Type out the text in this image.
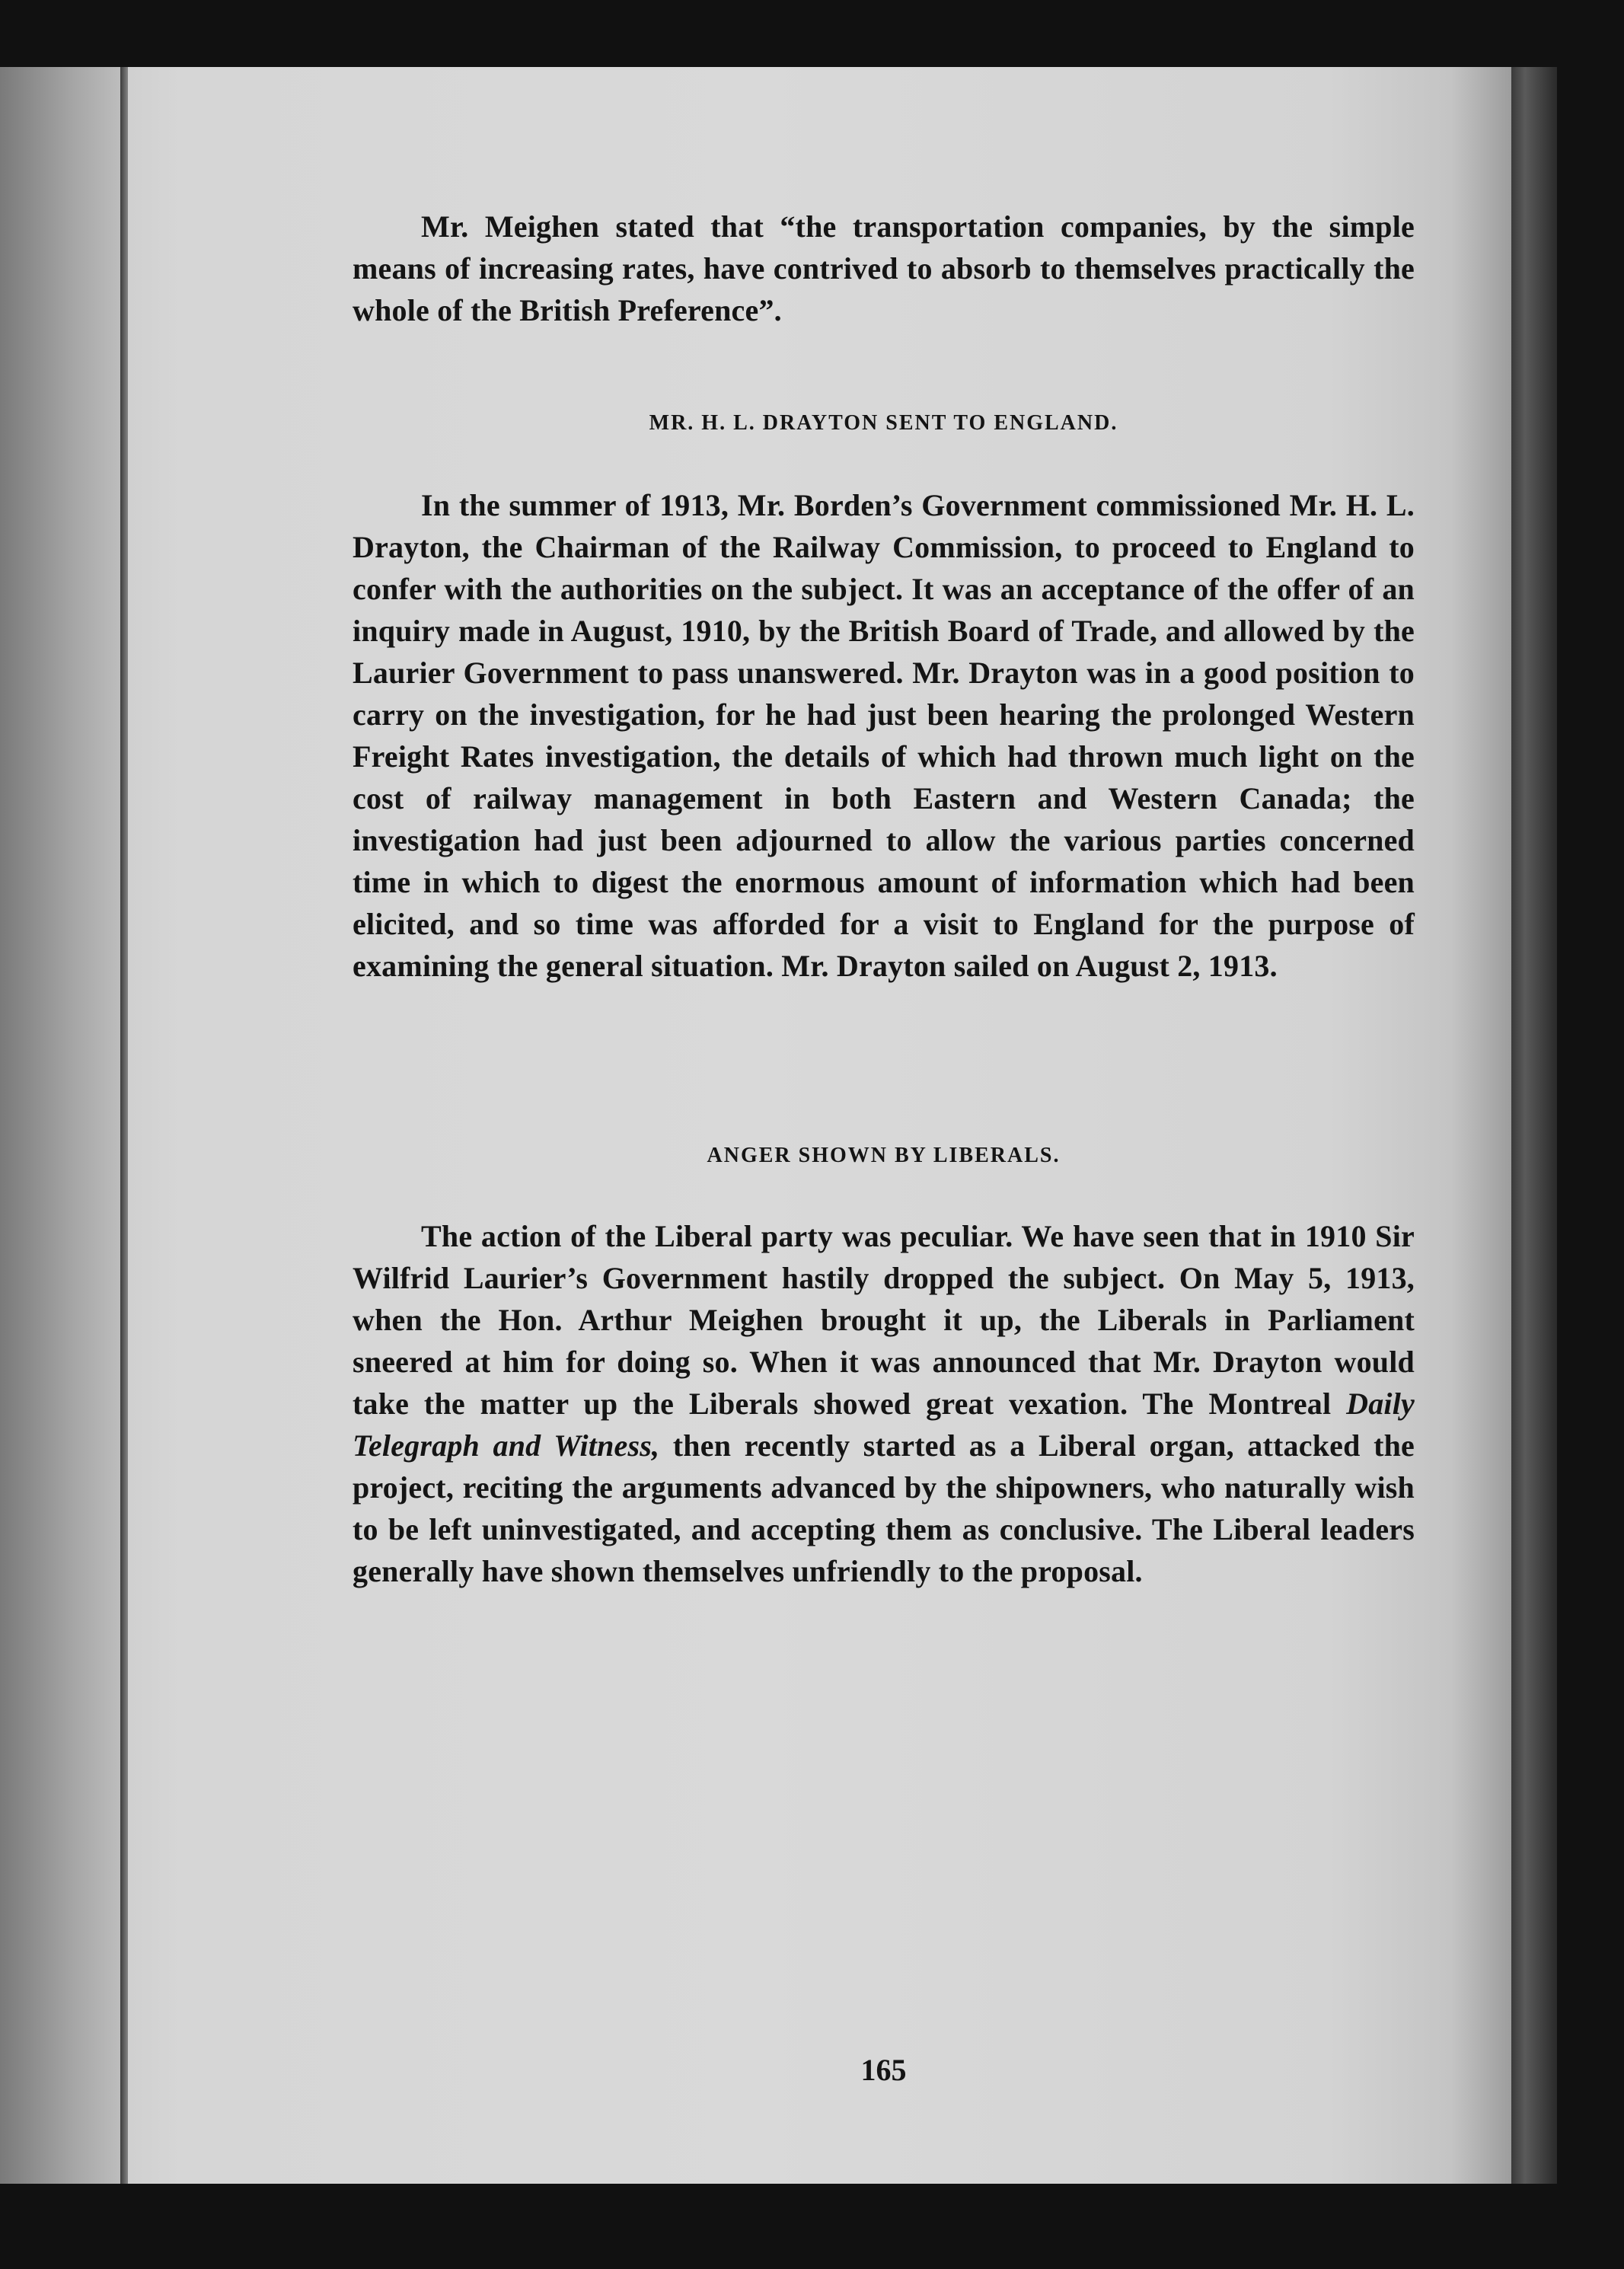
Mr. Meighen stated that “the transportation companies, by the simple means of increasing rates, have contrived to absorb to themselves practically the whole of the British Preference”.

MR. H. L. DRAYTON SENT TO ENGLAND.

In the summer of 1913, Mr. Borden’s Government commissioned Mr. H. L. Drayton, the Chairman of the Railway Commission, to proceed to England to confer with the authorities on the subject. It was an acceptance of the offer of an inquiry made in August, 1910, by the British Board of Trade, and allowed by the Laurier Government to pass unanswered. Mr. Drayton was in a good position to carry on the investigation, for he had just been hearing the prolonged Western Freight Rates investigation, the details of which had thrown much light on the cost of railway management in both Eastern and Western Canada; the investigation had just been adjourned to allow the various parties concerned time in which to digest the enormous amount of information which had been elicited, and so time was afforded for a visit to England for the purpose of examining the general situation. Mr. Drayton sailed on August 2, 1913.

ANGER SHOWN BY LIBERALS.

The action of the Liberal party was peculiar. We have seen that in 1910 Sir Wilfrid Laurier’s Government hastily dropped the subject. On May 5, 1913, when the Hon. Arthur Meighen brought it up, the Liberals in Parliament sneered at him for doing so. When it was announced that Mr. Drayton would take the matter up the Liberals showed great vexation. The Montreal Daily Telegraph and Witness, then recently started as a Liberal organ, attacked the project, reciting the arguments advanced by the shipowners, who naturally wish to be left uninvestigated, and accepting them as conclusive. The Liberal leaders generally have shown themselves unfriendly to the proposal.

165
